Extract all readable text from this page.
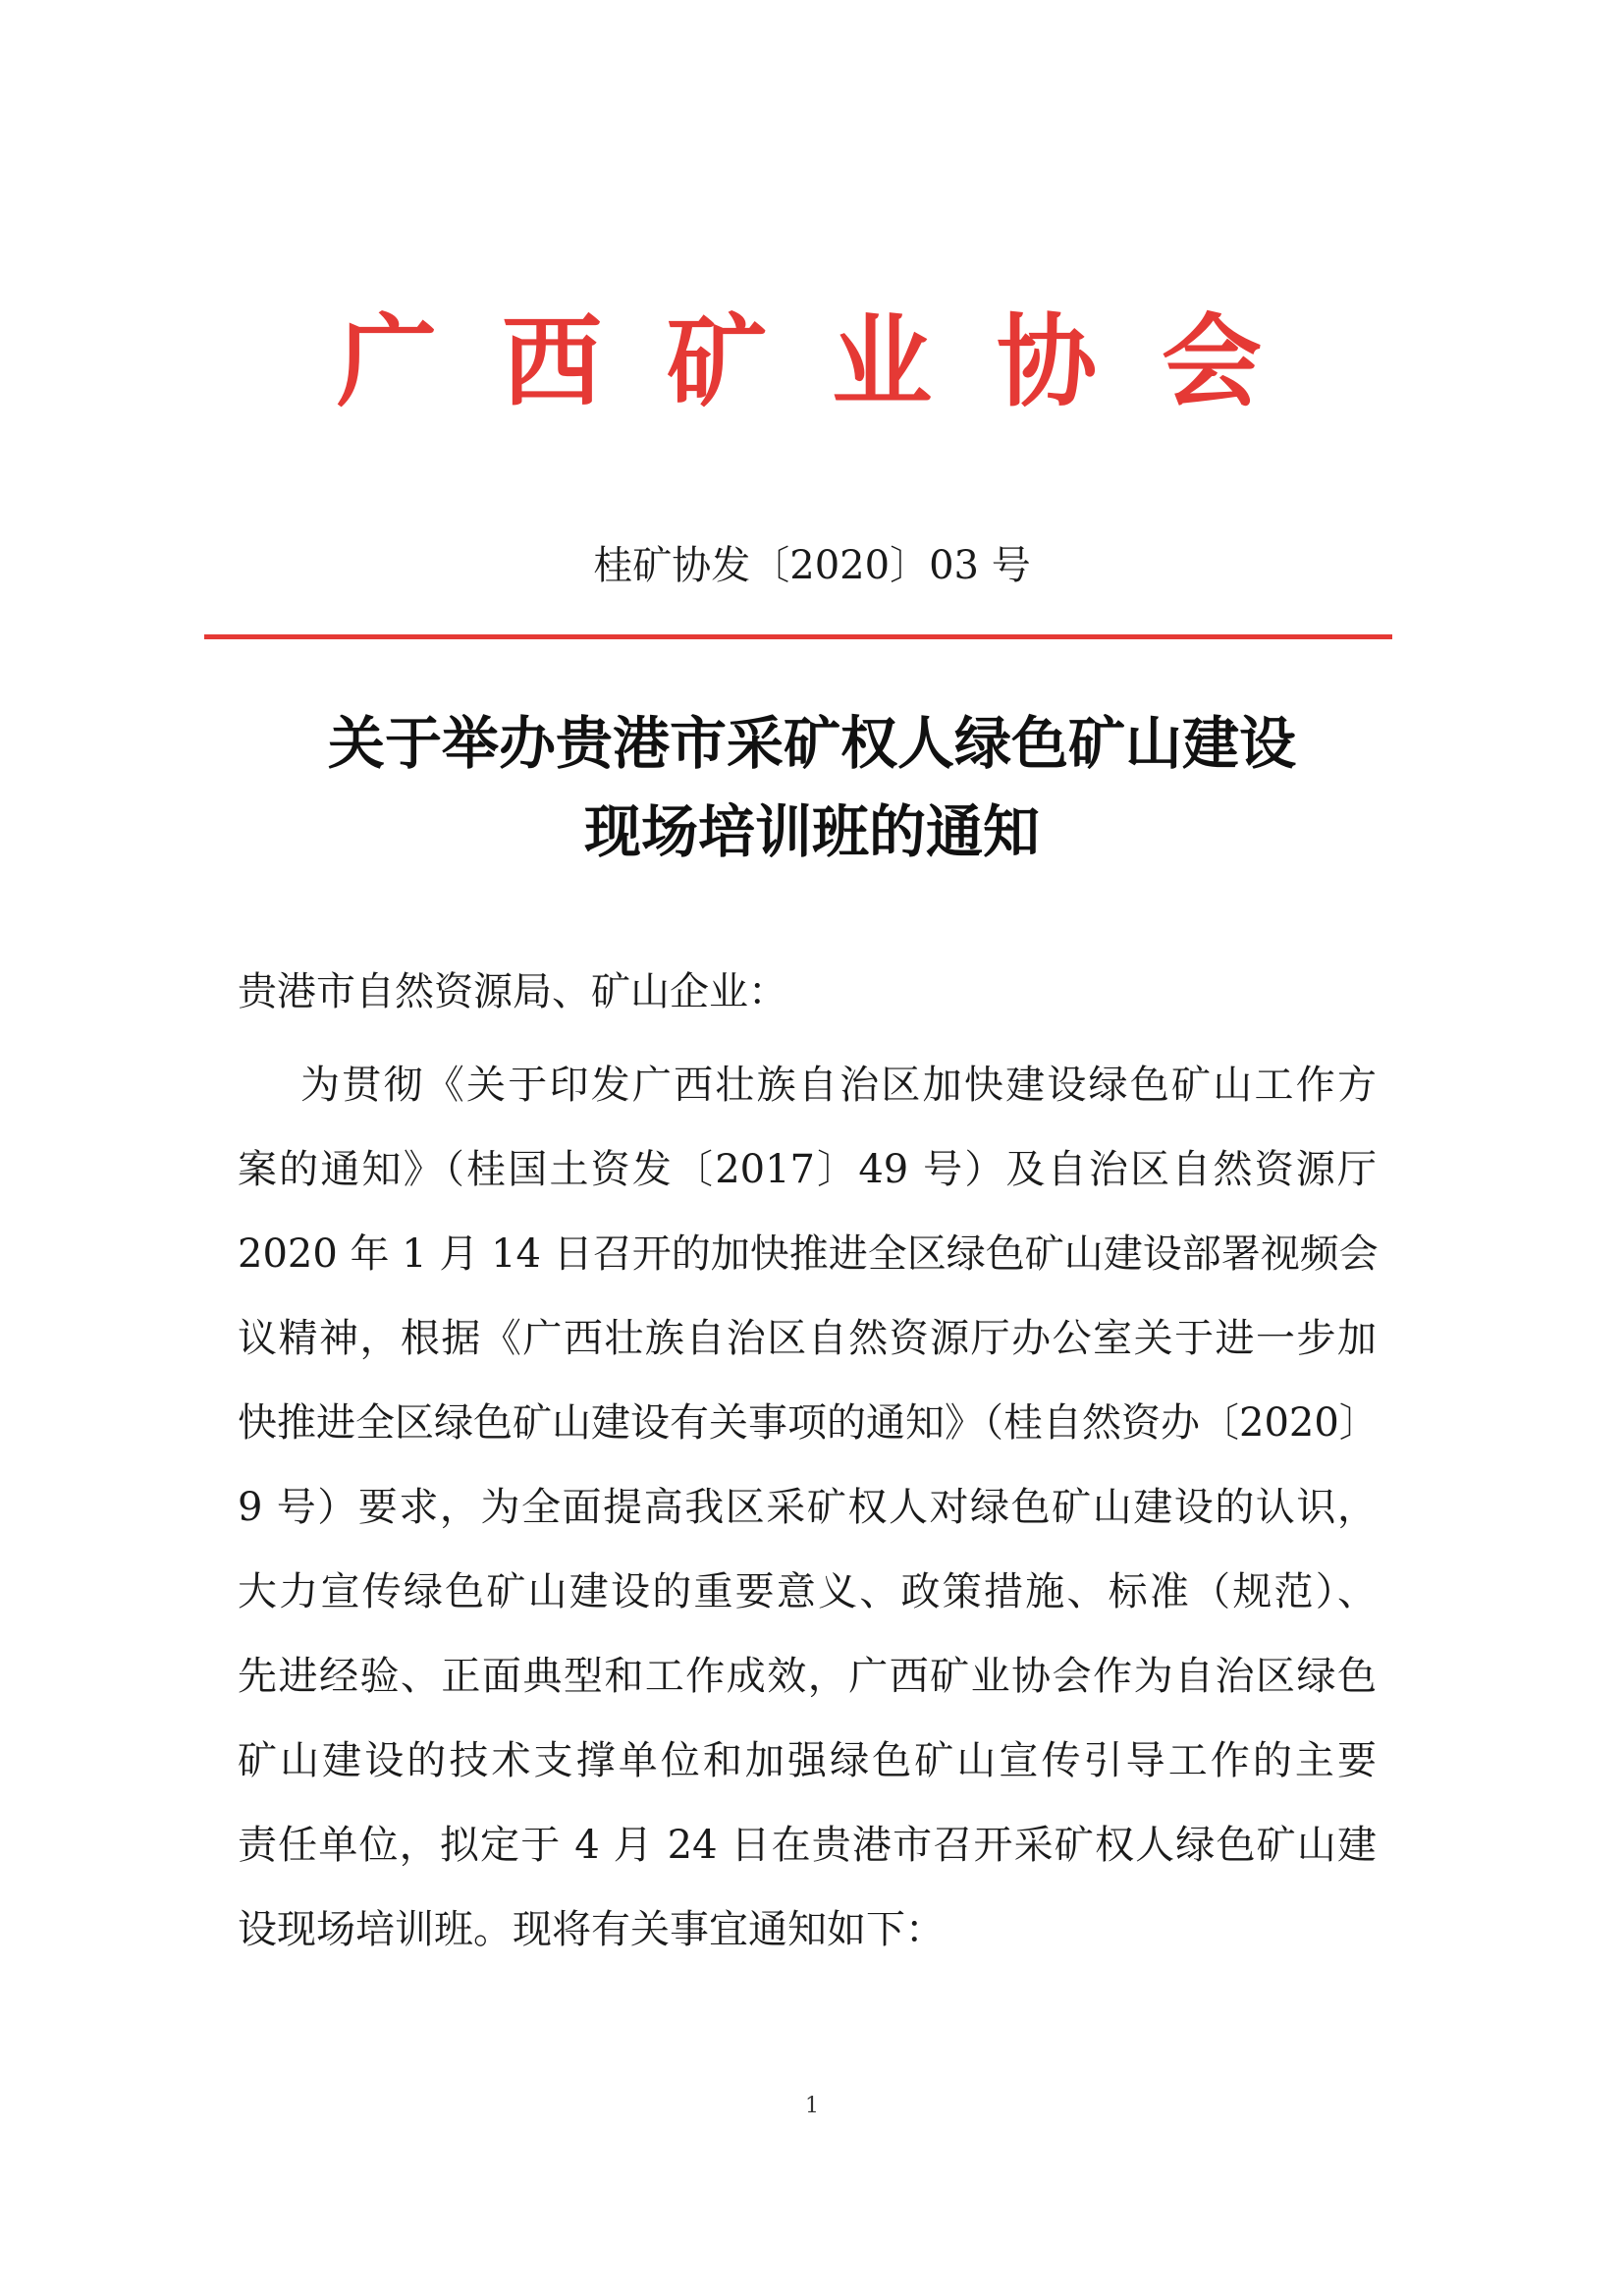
广西矿业协会
桂矿协发〔2020〕03 号
关于举办贵港市采矿权人绿色矿山建设
现场培训班的通知
贵港市自然资源局、矿山企业：
为贯彻《关于印发广西壮族自治区加快建设绿色矿山工作方
案的通知》（桂国土资发〔2017〕49 号）及自治区自然资源厅
2020 年 1 月 14 日召开的加快推进全区绿色矿山建设部署视频会
议精神，根据《广西壮族自治区自然资源厅办公室关于进一步加
快推进全区绿色矿山建设有关事项的通知》（桂自然资办〔2020〕
9 号）要求，为全面提高我区采矿权人对绿色矿山建设的认识，
大力宣传绿色矿山建设的重要意义、政策措施、标准（规范）、
先进经验、正面典型和工作成效，广西矿业协会作为自治区绿色
矿山建设的技术支撑单位和加强绿色矿山宣传引导工作的主要
责任单位，拟定于 4 月 24 日在贵港市召开采矿权人绿色矿山建
设现场培训班。现将有关事宜通知如下：
1
